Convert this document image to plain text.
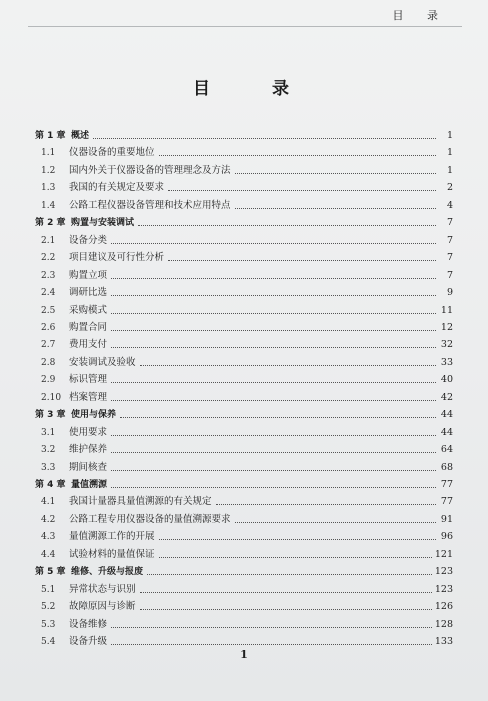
目 录
目 录
第 1 章 概述	1
1.1	仪器设备的重要地位	1
1.2	国内外关于仪器设备的管理理念及方法	1
1.3	我国的有关规定及要求	2
1.4	公路工程仪器设备管理和技术应用特点	4
第 2 章 购置与安装调试	7
2.1	设备分类	7
2.2	项目建议及可行性分析	7
2.3	购置立项	7
2.4	调研比选	9
2.5	采购模式	11
2.6	购置合同	12
2.7	费用支付	32
2.8	安装调试及验收	33
2.9	标识管理	40
2.10 档案管理	42
第 3 章 使用与保养	44
3.1	使用要求	44
3.2	维护保养	64
3.3	期间核查	68
第 4 章 量值溯源	77
4.1	我国计量器具量值溯源的有关规定	77
4.2	公路工程专用仪器设备的量值溯源要求	91
4.3	量值溯源工作的开展	96
4.4	试验材料的量值保证	121
第 5 章 维修、升级与报废	123
5.1	异常状态与识别	123
5.2	故障原因与诊断	126
5.3	设备维修	128
5.4	设备升级	133
1
